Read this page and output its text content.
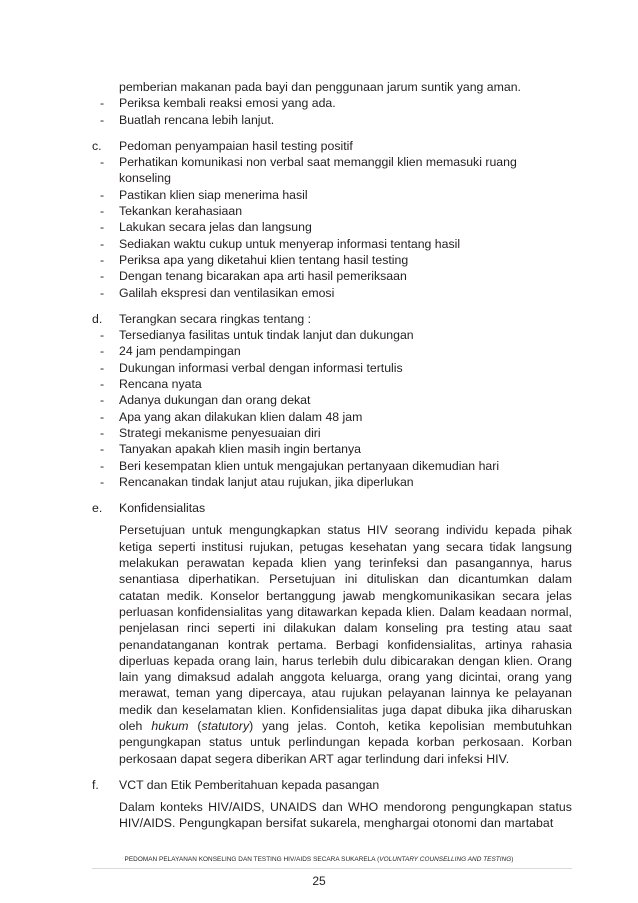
pemberian makanan pada bayi dan penggunaan jarum suntik yang aman.
- Periksa kembali reaksi emosi yang ada.
- Buatlah rencana lebih lanjut.
c. Pedoman penyampaian hasil testing positif
- Perhatikan komunikasi non verbal saat memanggil klien memasuki ruang konseling
- Pastikan klien siap menerima hasil
- Tekankan kerahasiaan
- Lakukan secara jelas dan langsung
- Sediakan waktu cukup untuk menyerap informasi tentang hasil
- Periksa apa yang diketahui klien tentang hasil testing
- Dengan tenang bicarakan apa arti hasil pemeriksaan
- Galilah ekspresi dan ventilasikan emosi
d. Terangkan secara ringkas tentang :
- Tersedianya fasilitas untuk tindak lanjut dan dukungan
- 24 jam pendampingan
- Dukungan informasi verbal dengan informasi tertulis
- Rencana nyata
- Adanya dukungan dan orang dekat
- Apa yang akan dilakukan klien dalam 48 jam
- Strategi mekanisme penyesuaian diri
- Tanyakan apakah klien masih ingin bertanya
- Beri kesempatan klien untuk mengajukan pertanyaan dikemudian hari
- Rencanakan tindak lanjut atau rujukan, jika diperlukan
e. Konfidensialitas
Persetujuan untuk mengungkapkan status HIV seorang individu kepada pihak ketiga seperti institusi rujukan, petugas kesehatan yang secara tidak langsung melakukan perawatan kepada klien yang terinfeksi dan pasangannya, harus senantiasa diperhatikan. Persetujuan ini dituliskan dan dicantumkan dalam catatan medik. Konselor bertanggung jawab mengkomunikasikan secara jelas perluasan konfidensialitas yang ditawarkan kepada klien. Dalam keadaan normal, penjelasan rinci seperti ini dilakukan dalam konseling pra testing atau saat penandatanganan kontrak pertama. Berbagi konfidensialitas, artinya rahasia diperluas kepada orang lain, harus terlebih dulu dibicarakan dengan klien. Orang lain yang dimaksud adalah anggota keluarga, orang yang dicintai, orang yang merawat, teman yang dipercaya, atau rujukan pelayanan lainnya ke pelayanan medik dan keselamatan klien. Konfidensialitas juga dapat dibuka jika diharuskan oleh hukum (statutory) yang jelas. Contoh, ketika kepolisian membutuhkan pengungkapan status untuk perlindungan kepada korban perkosaan. Korban perkosaan dapat segera diberikan ART agar terlindung dari infeksi HIV.
f. VCT dan Etik Pemberitahuan kepada pasangan
Dalam konteks HIV/AIDS, UNAIDS dan WHO mendorong pengungkapan status HIV/AIDS. Pengungkapan bersifat sukarela, menghargai otonomi dan martabat
PEDOMAN PELAYANAN KONSELING DAN TESTING HIV/AIDS SECARA SUKARELA (VOLUNTARY COUNSELLING AND TESTING)
25
